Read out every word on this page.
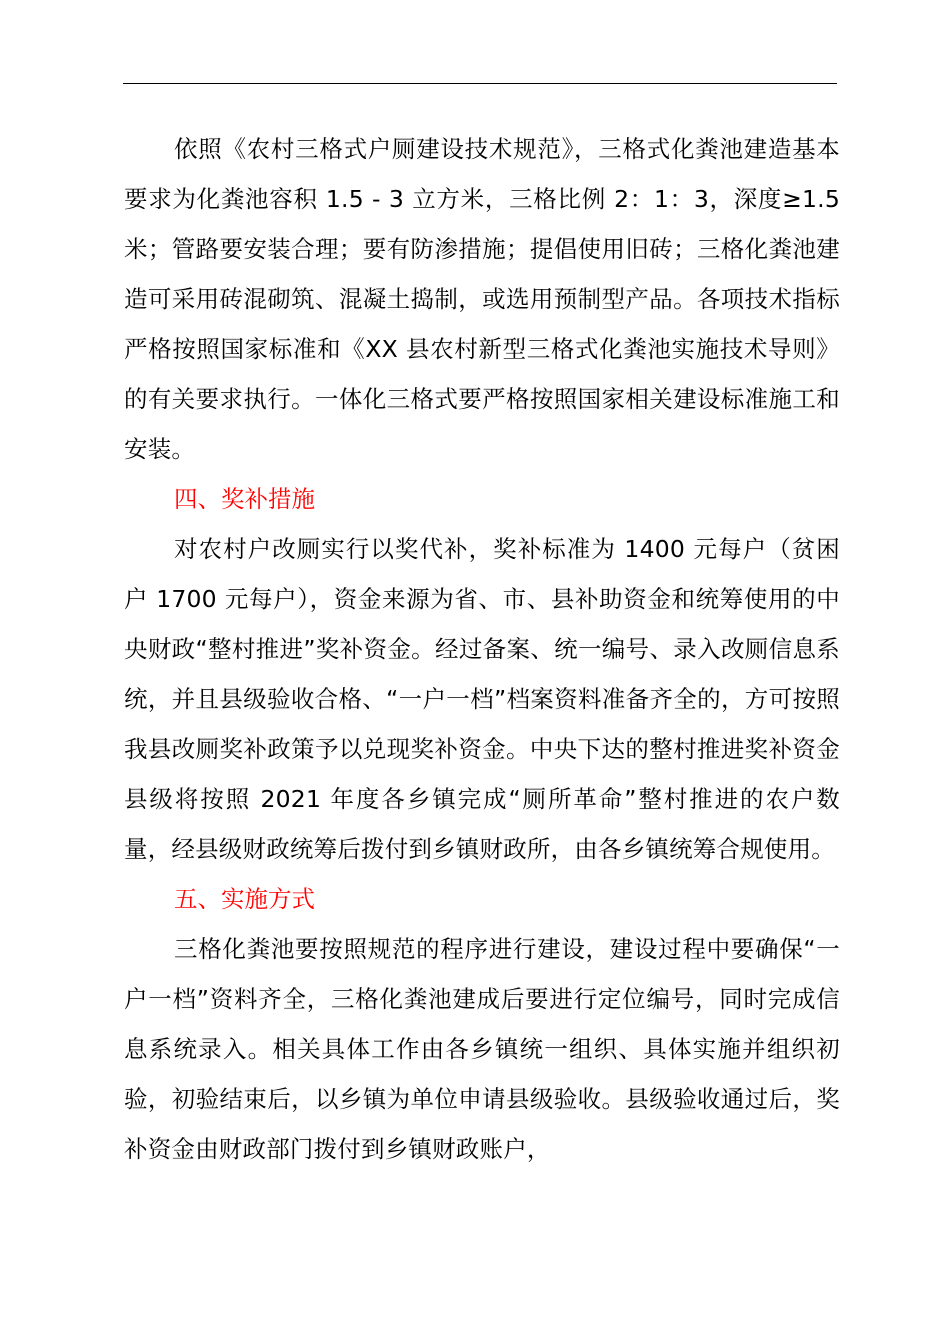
依照《农村三格式户厕建设技术规范》，三格式化粪池建造基本要求为化粪池容积 1.5 - 3 立方米，三格比例 2：1：3，深度≥1.5 米；管路要安装合理；要有防渗措施；提倡使用旧砖；三格化粪池建造可采用砖混砌筑、混凝土捣制，或选用预制型产品。各项技术指标严格按照国家标准和《XX 县农村新型三格式化粪池实施技术导则》的有关要求执行。一体化三格式要严格按照国家相关建设标准施工和安装。

四、奖补措施

对农村户改厕实行以奖代补，奖补标准为 1400 元每户（贫困户 1700 元每户），资金来源为省、市、县补助资金和统筹使用的中央财政“整村推进”奖补资金。经过备案、统一编号、录入改厕信息系统，并且县级验收合格、“一户一档”档案资料准备齐全的，方可按照我县改厕奖补政策予以兑现奖补资金。中央下达的整村推进奖补资金县级将按照 2021 年度各乡镇完成“厕所革命”整村推进的农户数量，经县级财政统筹后拨付到乡镇财政所，由各乡镇统筹合规使用。

五、实施方式

三格化粪池要按照规范的程序进行建设，建设过程中要确保“一户一档”资料齐全，三格化粪池建成后要进行定位编号，同时完成信息系统录入。相关具体工作由各乡镇统一组织、具体实施并组织初验，初验结束后，以乡镇为单位申请县级验收。县级验收通过后，奖补资金由财政部门拨付到乡镇财政账户，
